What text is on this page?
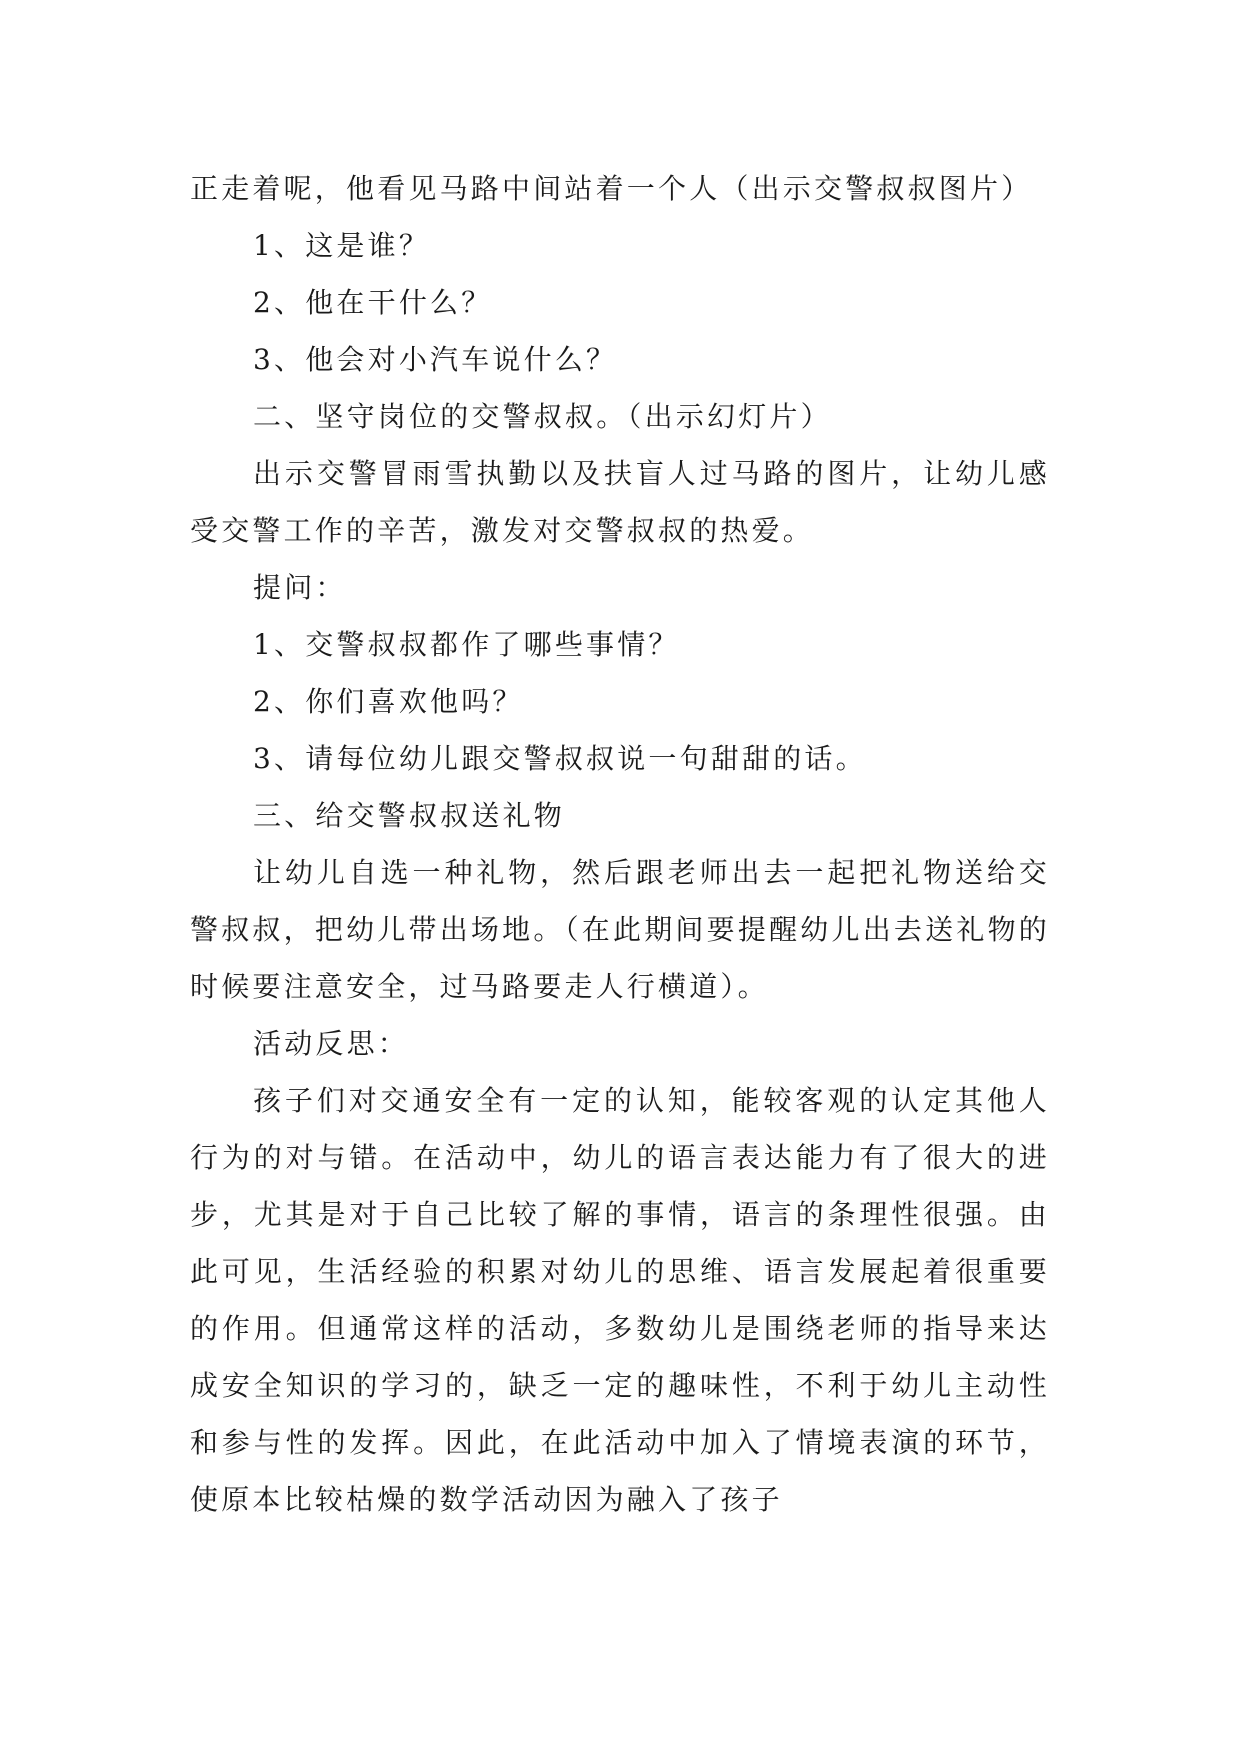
正走着呢，他看见马路中间站着一个人（出示交警叔叔图片）

1、这是谁？

2、他在干什么？

3、他会对小汽车说什么？

二、坚守岗位的交警叔叔。（出示幻灯片）

出示交警冒雨雪执勤以及扶盲人过马路的图片，让幼儿感受交警工作的辛苦，激发对交警叔叔的热爱。

提问：

1、交警叔叔都作了哪些事情？

2、你们喜欢他吗？

3、请每位幼儿跟交警叔叔说一句甜甜的话。

三、给交警叔叔送礼物

让幼儿自选一种礼物，然后跟老师出去一起把礼物送给交警叔叔，把幼儿带出场地。（在此期间要提醒幼儿出去送礼物的时候要注意安全，过马路要走人行横道）。

活动反思：

孩子们对交通安全有一定的认知，能较客观的认定其他人行为的对与错。在活动中，幼儿的语言表达能力有了很大的进步，尤其是对于自己比较了解的事情，语言的条理性很强。由此可见，生活经验的积累对幼儿的思维、语言发展起着很重要的作用。但通常这样的活动，多数幼儿是围绕老师的指导来达成安全知识的学习的，缺乏一定的趣味性，不利于幼儿主动性和参与性的发挥。因此，在此活动中加入了情境表演的环节，使原本比较枯燥的数学活动因为融入了孩子
